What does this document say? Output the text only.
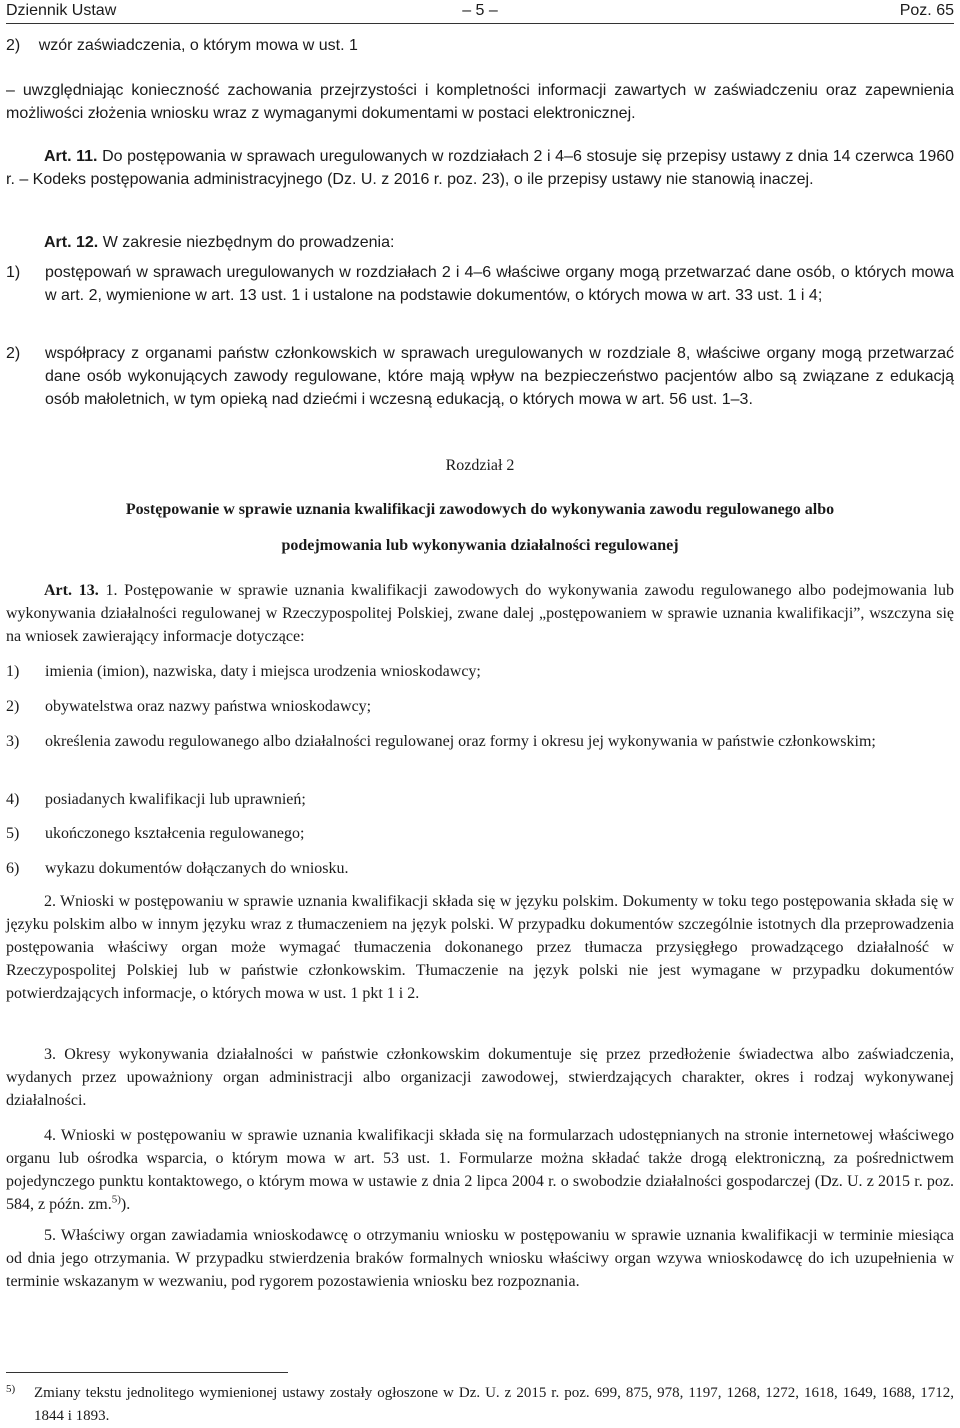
Dziennik Ustaw	– 5 –	Poz. 65
2) wzór zaświadczenia, o którym mowa w ust. 1
– uwzględniając konieczność zachowania przejrzystości i kompletności informacji zawartych w zaświadczeniu oraz zapewnienia możliwości złożenia wniosku wraz z wymaganymi dokumentami w postaci elektronicznej.
Art. 11. Do postępowania w sprawach uregulowanych w rozdziałach 2 i 4–6 stosuje się przepisy ustawy z dnia 14 czerwca 1960 r. – Kodeks postępowania administracyjnego (Dz. U. z 2016 r. poz. 23), o ile przepisy ustawy nie stanowią inaczej.
Art. 12. W zakresie niezbędnym do prowadzenia:
1) postępowań w sprawach uregulowanych w rozdziałach 2 i 4–6 właściwe organy mogą przetwarzać dane osób, o których mowa w art. 2, wymienione w art. 13 ust. 1 i ustalone na podstawie dokumentów, o których mowa w art. 33 ust. 1 i 4;
2) współpracy z organami państw członkowskich w sprawach uregulowanych w rozdziale 8, właściwe organy mogą przetwarzać dane osób wykonujących zawody regulowane, które mają wpływ na bezpieczeństwo pacjentów albo są związane z edukacją osób małoletnich, w tym opieką nad dziećmi i wczesną edukacją, o których mowa w art. 56 ust. 1–3.
Rozdział 2
Postępowanie w sprawie uznania kwalifikacji zawodowych do wykonywania zawodu regulowanego albo
podejmowania lub wykonywania działalności regulowanej
Art. 13. 1. Postępowanie w sprawie uznania kwalifikacji zawodowych do wykonywania zawodu regulowanego albo podejmowania lub wykonywania działalności regulowanej w Rzeczypospolitej Polskiej, zwane dalej „postępowaniem w sprawie uznania kwalifikacji”, wszczyna się na wniosek zawierający informacje dotyczące:
1) imienia (imion), nazwiska, daty i miejsca urodzenia wnioskodawcy;
2) obywatelstwa oraz nazwy państwa wnioskodawcy;
3) określenia zawodu regulowanego albo działalności regulowanej oraz formy i okresu jej wykonywania w państwie członkowskim;
4) posiadanych kwalifikacji lub uprawnień;
5) ukończonego kształcenia regulowanego;
6) wykazu dokumentów dołączanych do wniosku.
2. Wnioski w postępowaniu w sprawie uznania kwalifikacji składa się w języku polskim. Dokumenty w toku tego postępowania składa się w języku polskim albo w innym języku wraz z tłumaczeniem na język polski. W przypadku dokumentów szczególnie istotnych dla przeprowadzenia postępowania właściwy organ może wymagać tłumaczenia dokonanego przez tłumacza przysięgłego prowadzącego działalność w Rzeczypospolitej Polskiej lub w państwie członkowskim. Tłumaczenie na język polski nie jest wymagane w przypadku dokumentów potwierdzających informacje, o których mowa w ust. 1 pkt 1 i 2.
3. Okresy wykonywania działalności w państwie członkowskim dokumentuje się przez przedłożenie świadectwa albo zaświadczenia, wydanych przez upoważniony organ administracji albo organizacji zawodowej, stwierdzających charakter, okres i rodzaj wykonywanej działalności.
4. Wnioski w postępowaniu w sprawie uznania kwalifikacji składa się na formularzach udostępnianych na stronie internetowej właściwego organu lub ośrodka wsparcia, o którym mowa w art. 53 ust. 1. Formularze można składać także drogą elektroniczną, za pośrednictwem pojedynczego punktu kontaktowego, o którym mowa w ustawie z dnia 2 lipca 2004 r. o swobodzie działalności gospodarczej (Dz. U. z 2015 r. poz. 584, z późn. zm.$^{5)}$).
5. Właściwy organ zawiadamia wnioskodawcę o otrzymaniu wniosku w postępowaniu w sprawie uznania kwalifikacji w terminie miesiąca od dnia jego otrzymania. W przypadku stwierdzenia braków formalnych wniosku właściwy organ wzywa wnioskodawcę do ich uzupełnienia w terminie wskazanym w wezwaniu, pod rygorem pozostawienia wniosku bez rozpoznania.
5) Zmiany tekstu jednolitego wymienionej ustawy zostały ogłoszone w Dz. U. z 2015 r. poz. 699, 875, 978, 1197, 1268, 1272, 1618, 1649, 1688, 1712, 1844 i 1893.
